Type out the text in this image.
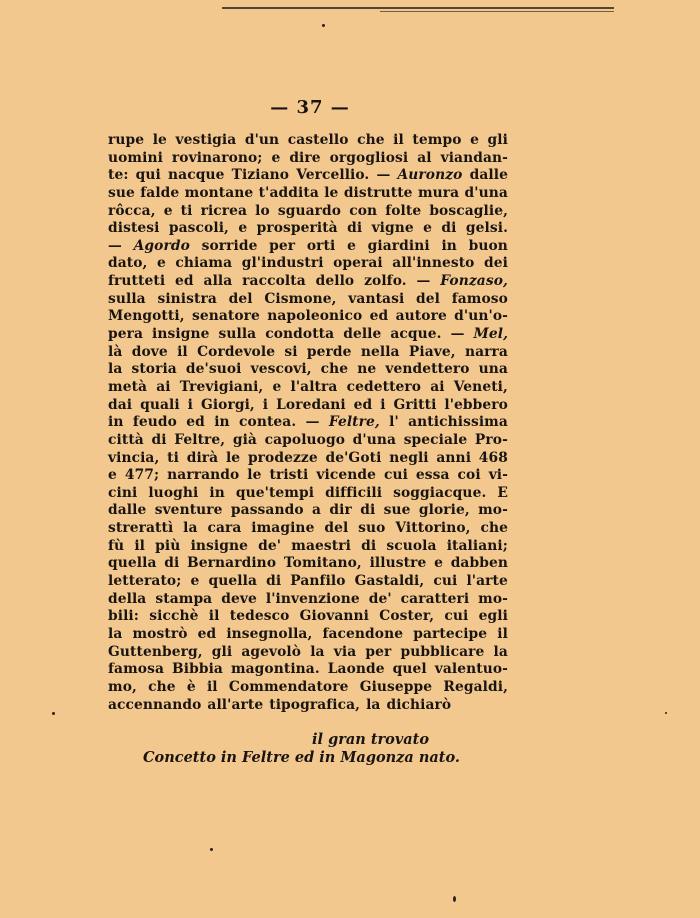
— 37 —
rupe le vestigia d'un castello che il tempo e gli
uomini rovinarono; e dire orgogliosi al viandan-
te: qui nacque Tiziano Vercellio. — Auronzo dalle
sue falde montane t'addita le distrutte mura d'una
rôcca, e ti ricrea lo sguardo con folte boscaglie,
distesi pascoli, e prosperità di vigne e di gelsi.
— Agordo sorride per orti e giardini in buon
dato, e chiama gl'industri operai all'innesto dei
frutteti ed alla raccolta dello zolfo. — Fonzaso,
sulla sinistra del Cismone, vantasi del famoso
Mengotti, senatore napoleonico ed autore d'un'o-
pera insigne sulla condotta delle acque. — Mel,
là dove il Cordevole si perde nella Piave, narra
la storia de'suoi vescovi, che ne vendettero una
metà ai Trevigiani, e l'altra cedettero ai Veneti,
dai quali i Giorgi, i Loredani ed i Gritti l'ebbero
in feudo ed in contea. — Feltre, l' antichissima
città di Feltre, già capoluogo d'una speciale Pro-
vincia, ti dirà le prodezze de'Goti negli anni 468
e 477; narrando le tristi vicende cui essa coi vi-
cini luoghi in que'tempi difficili soggiacque. E
dalle sventure passando a dir di sue glorie, mo-
strerattì la cara imagine del suo Vittorino, che
fù il più insigne de' maestri di scuola italiani;
quella di Bernardino Tomitano, illustre e dabben
letterato; e quella di Panfilo Gastaldi, cui l'arte
della stampa deve l'invenzione de' caratteri mo-
bili: sicchè il tedesco Giovanni Coster, cui egli
la mostrò ed insegnolla, facendone partecipe il
Guttenberg, gli agevolò la via per pubblicare la
famosa Bibbia magontina. Laonde quel valentuo-
mo, che è il Commendatore Giuseppe Regaldi,
accennando all'arte tipografica, la dichiarò
il gran trovato
Concetto in Feltre ed in Magonza nato.
